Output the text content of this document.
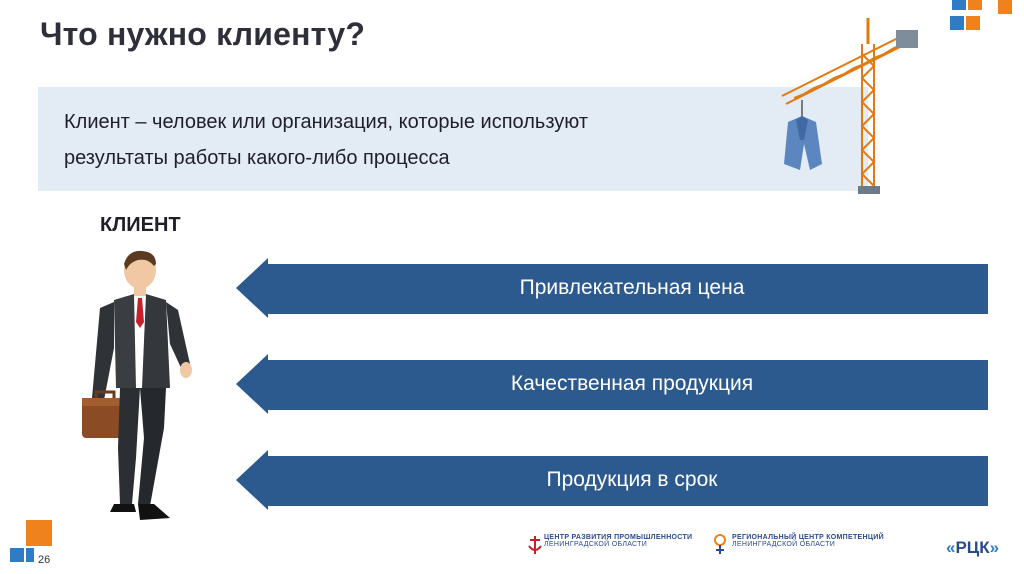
Что нужно клиенту?
Клиент – человек или организация, которые используют результаты работы какого-либо процесса
КЛИЕНТ
Привлекательная цена
Качественная продукция
Продукция в срок
26
ЦЕНТР РАЗВИТИЯ ПРОМЫШЛЕННОСТИ
ЛЕНИНГРАДСКОЙ ОБЛАСТИ
РЕГИОНАЛЬНЫЙ ЦЕНТР КОМПЕТЕНЦИЙ
ЛЕНИНГРАДСКОЙ ОБЛАСТИ	«РЦК»
